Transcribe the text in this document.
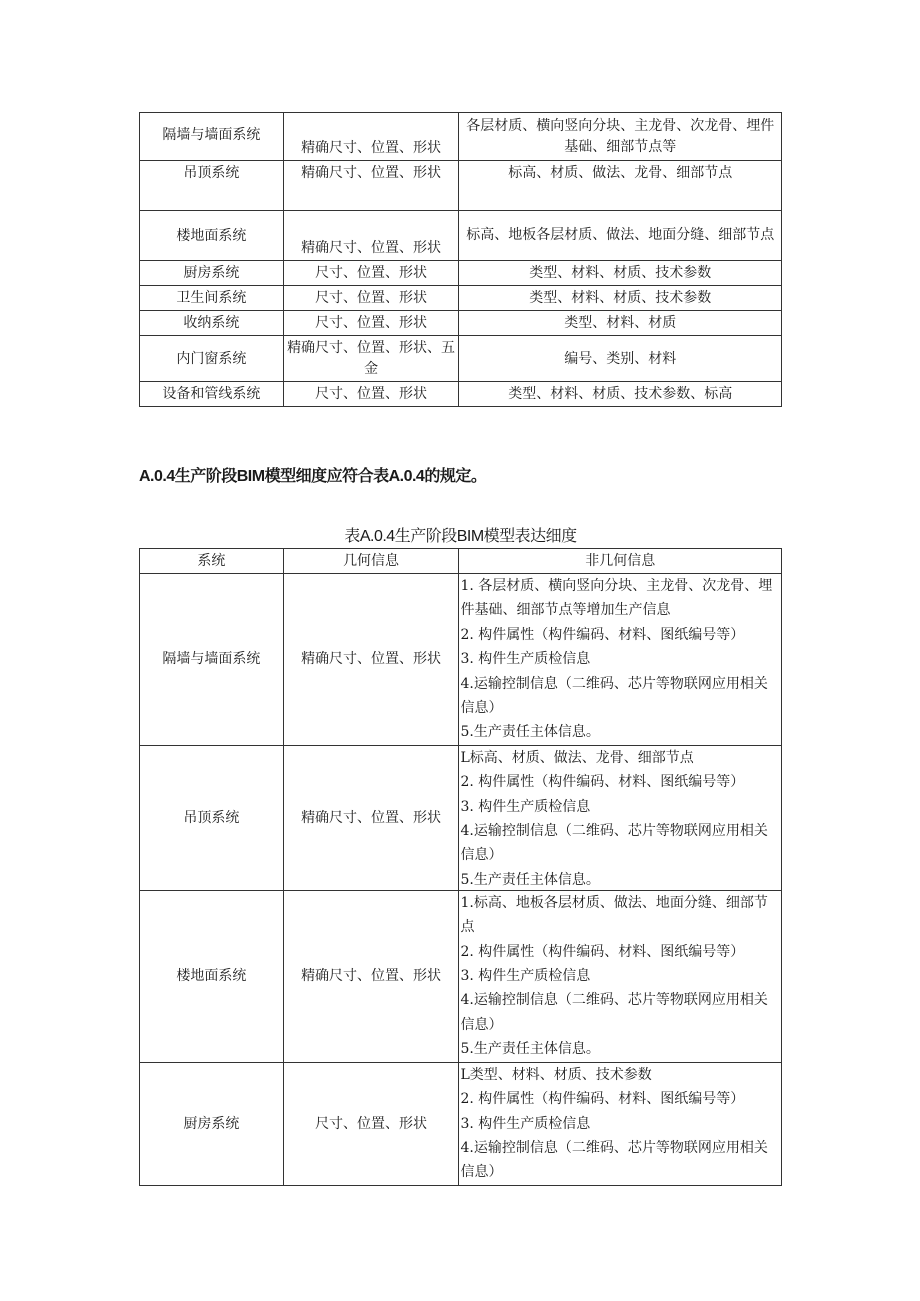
隔墙与墙面系统	精确尺寸、位置、形状	各层材质、横向竖向分块、主龙骨、次龙骨、埋件基础、细部节点等
吊顶系统	精确尺寸、位置、形状	标高、材质、做法、龙骨、细部节点
楼地面系统	精确尺寸、位置、形状	标高、地板各层材质、做法、地面分缝、细部节点
厨房系统	尺寸、位置、形状	类型、材料、材质、技术参数
卫生间系统	尺寸、位置、形状	类型、材料、材质、技术参数
收纳系统	尺寸、位置、形状	类型、材料、材质
内门窗系统	精确尺寸、位置、形状、五金	编号、类别、材料
设备和管线系统	尺寸、位置、形状	类型、材料、材质、技术参数、标高
A.0.4生产阶段BIM模型细度应符合表A.0.4的规定。
表A.0.4生产阶段BIM模型表达细度
系统	几何信息	非几何信息
隔墙与墙面系统	精确尺寸、位置、形状	1. 各层材质、横向竖向分块、主龙骨、次龙骨、埋件基础、细部节点等增加生产信息
2. 构件属性（构件编码、材料、图纸编号等）
3. 构件生产质检信息
4.运输控制信息（二维码、芯片等物联网应用相关信息）
5.生产责任主体信息。

吊顶系统	精确尺寸、位置、形状	L标高、材质、做法、龙骨、细部节点
2. 构件属性（构件编码、材料、图纸编号等）
3. 构件生产质检信息
4.运输控制信息（二维码、芯片等物联网应用相关信息）
5.生产责任主体信息。

楼地面系统	精确尺寸、位置、形状	1.标高、地板各层材质、做法、地面分缝、细部节点
2. 构件属性（构件编码、材料、图纸编号等）
3. 构件生产质检信息
4.运输控制信息（二维码、芯片等物联网应用相关信息）
5.生产责任主体信息。

厨房系统	尺寸、位置、形状	L类型、材料、材质、技术参数
2. 构件属性（构件编码、材料、图纸编号等）
3. 构件生产质检信息
4.运输控制信息（二维码、芯片等物联网应用相关信息）
